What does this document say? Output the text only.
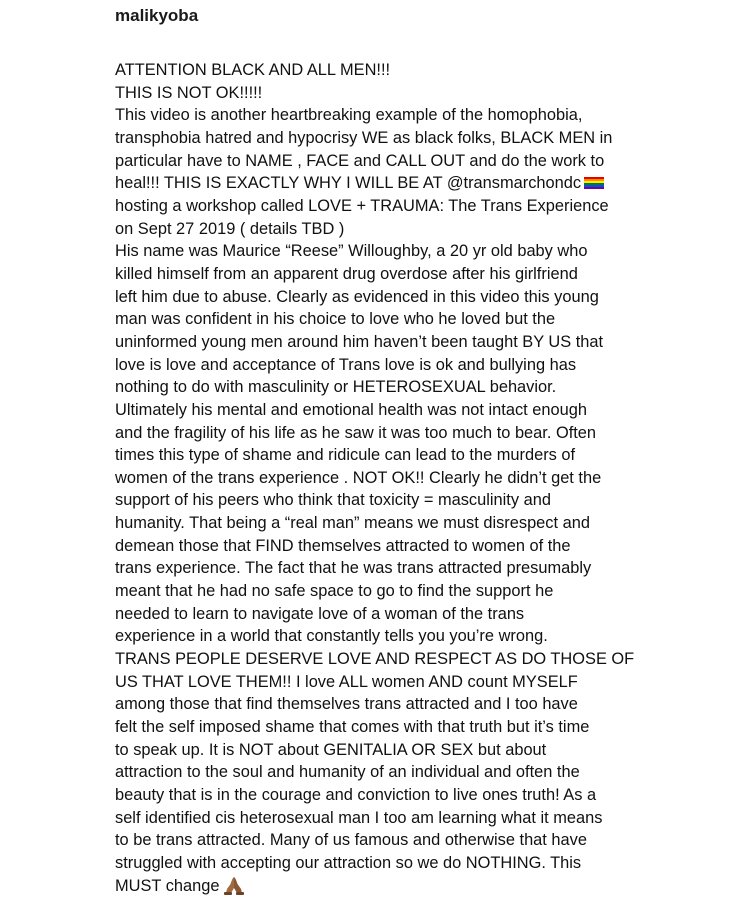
malikyoba
ATTENTION BLACK AND ALL MEN!!!
THIS IS NOT OK!!!!!
This video is another heartbreaking example of the homophobia,
transphobia hatred and hypocrisy WE as black folks, BLACK MEN in
particular have to NAME , FACE and CALL OUT and do the work to
heal!!! THIS IS EXACTLY WHY I WILL BE AT @transmarchondc
hosting a workshop called LOVE + TRAUMA: The Trans Experience
on Sept 27 2019 ( details TBD )
His name was Maurice “Reese” Willoughby, a 20 yr old baby who
killed himself from an apparent drug overdose after his girlfriend
left him due to abuse. Clearly as evidenced in this video this young
man was confident in his choice to love who he loved but the
uninformed young men around him haven’t been taught BY US that
love is love and acceptance of Trans love is ok and bullying has
nothing to do with masculinity or HETEROSEXUAL behavior.
Ultimately his mental and emotional health was not intact enough
and the fragility of his life as he saw it was too much to bear. Often
times this type of shame and ridicule can lead to the murders of
women of the trans experience . NOT OK!! Clearly he didn’t get the
support of his peers who think that toxicity = masculinity and
humanity. That being a “real man” means we must disrespect and
demean those that FIND themselves attracted to women of the
trans experience. The fact that he was trans attracted presumably
meant that he had no safe space to go to find the support he
needed to learn to navigate love of a woman of the trans
experience in a world that constantly tells you you’re wrong.
TRANS PEOPLE DESERVE LOVE AND RESPECT AS DO THOSE OF
US THAT LOVE THEM!! I love ALL women AND count MYSELF
among those that find themselves trans attracted and I too have
felt the self imposed shame that comes with that truth but it’s time
to speak up. It is NOT about GENITALIA OR SEX but about
attraction to the soul and humanity of an individual and often the
beauty that is in the courage and conviction to live ones truth! As a
self identified cis heterosexual man I too am learning what it means
to be trans attracted. Many of us famous and otherwise that have
struggled with accepting our attraction so we do NOTHING. This
MUST change
